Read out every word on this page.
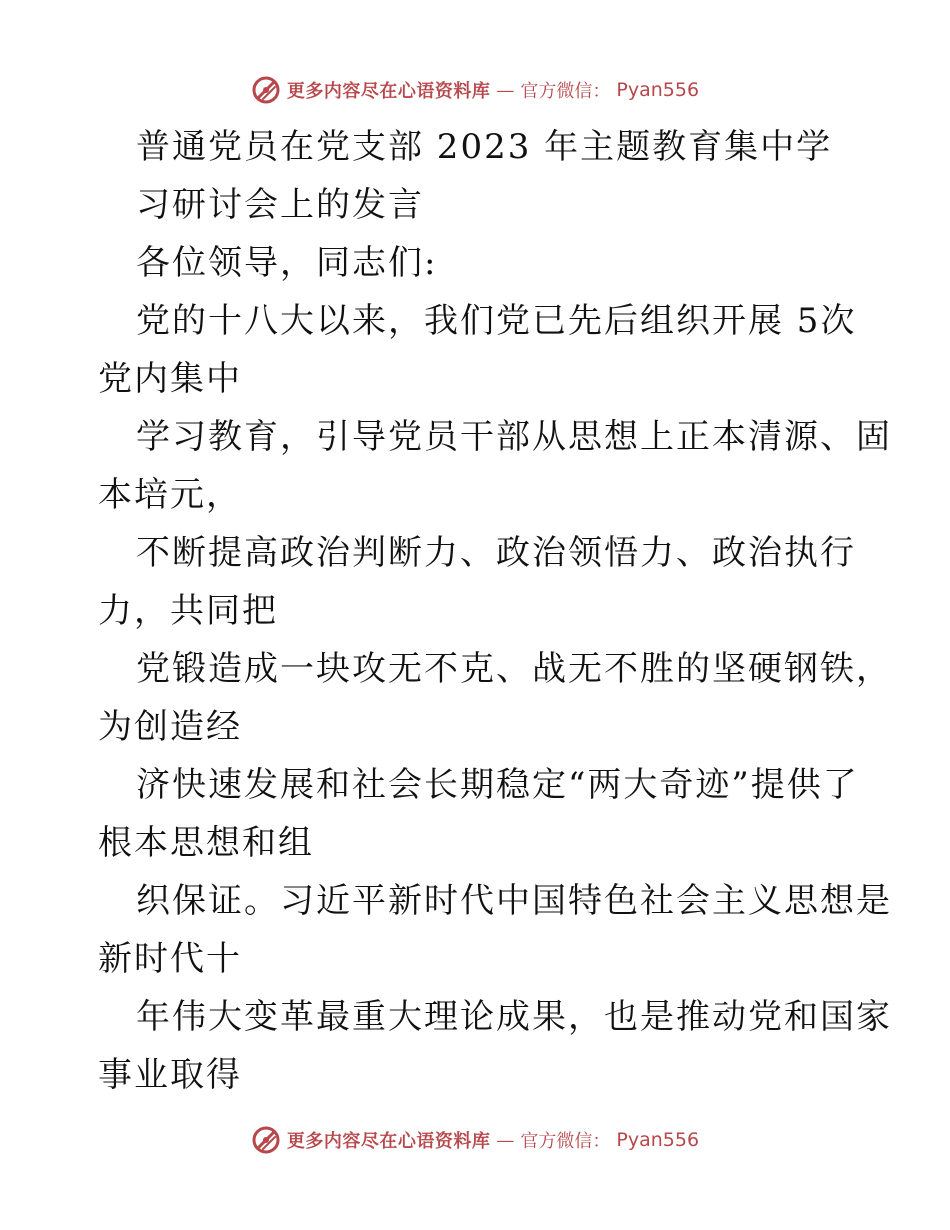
更多内容尽在心语资料库 — 官方微信： Pyan556
普通党员在党支部 2023 年主题教育集中学
习研讨会上的发言
各位领导，同志们:
党的十八大以来，我们党已先后组织开展 5次
党内集中
学习教育，引导党员干部从思想上正本清源、固
本培元，
不断提高政治判断力、政治领悟力、政治执行
力，共同把
党锻造成一块攻无不克、战无不胜的坚硬钢铁，
为创造经
济快速发展和社会长期稳定“两大奇迹”提供了
根本思想和组
织保证。习近平新时代中国特色社会主义思想是
新时代十
年伟大变革最重大理论成果，也是推动党和国家
事业取得
更多内容尽在心语资料库 — 官方微信： Pyan556
